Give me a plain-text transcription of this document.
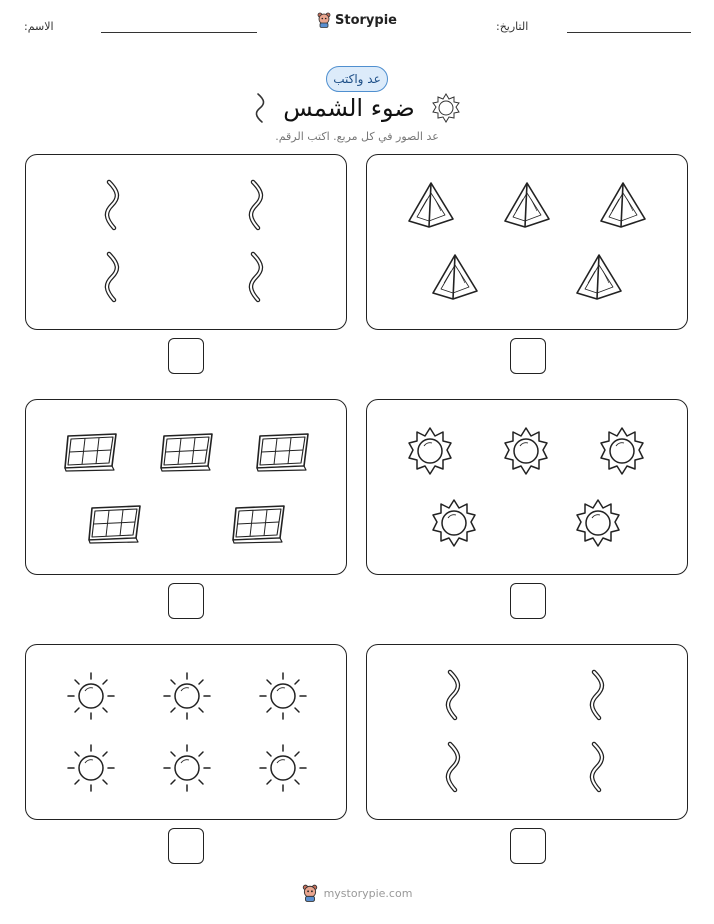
الاسم:	Storypie	التاريخ:
عد واكتب
ضوء الشمس
عد الصور في كل مربع. اكتب الرقم.
mystorypie.com
